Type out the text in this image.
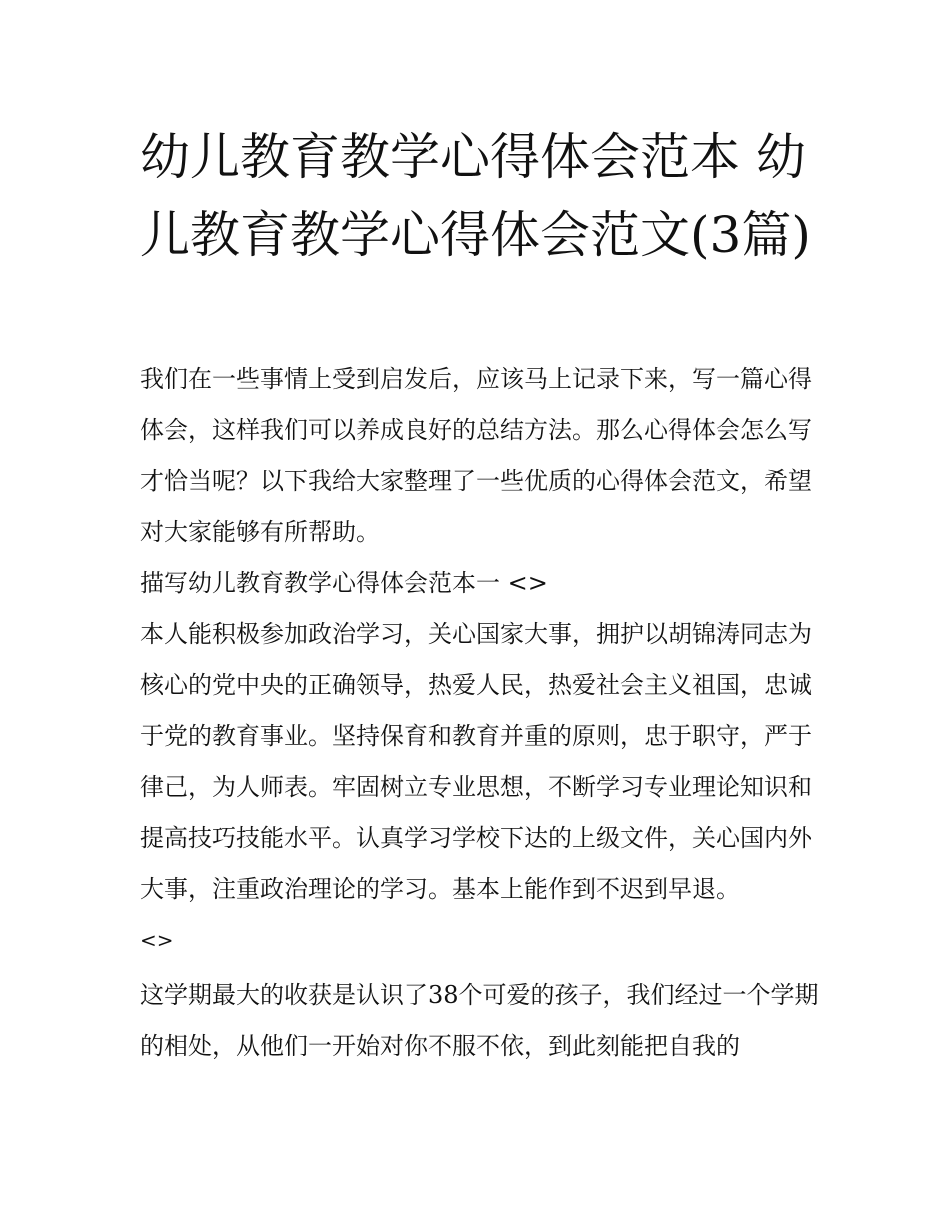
幼儿教育教学心得体会范本 幼儿教育教学心得体会范文(3篇)

我们在一些事情上受到启发后，应该马上记录下来，写一篇心得体会，这样我们可以养成良好的总结方法。那么心得体会怎么写才恰当呢？以下我给大家整理了一些优质的心得体会范文，希望对大家能够有所帮助。

描写幼儿教育教学心得体会范本一 <>

本人能积极参加政治学习，关心国家大事，拥护以胡锦涛同志为核心的党中央的正确领导，热爱人民，热爱社会主义祖国，忠诚于党的教育事业。坚持保育和教育并重的原则，忠于职守，严于律己，为人师表。牢固树立专业思想，不断学习专业理论知识和提高技巧技能水平。认真学习学校下达的上级文件，关心国内外大事，注重政治理论的学习。基本上能作到不迟到早退。

<>

这学期最大的收获是认识了38个可爱的孩子，我们经过一个学期的相处，从他们一开始对你不服不依，到此刻能把自我的
